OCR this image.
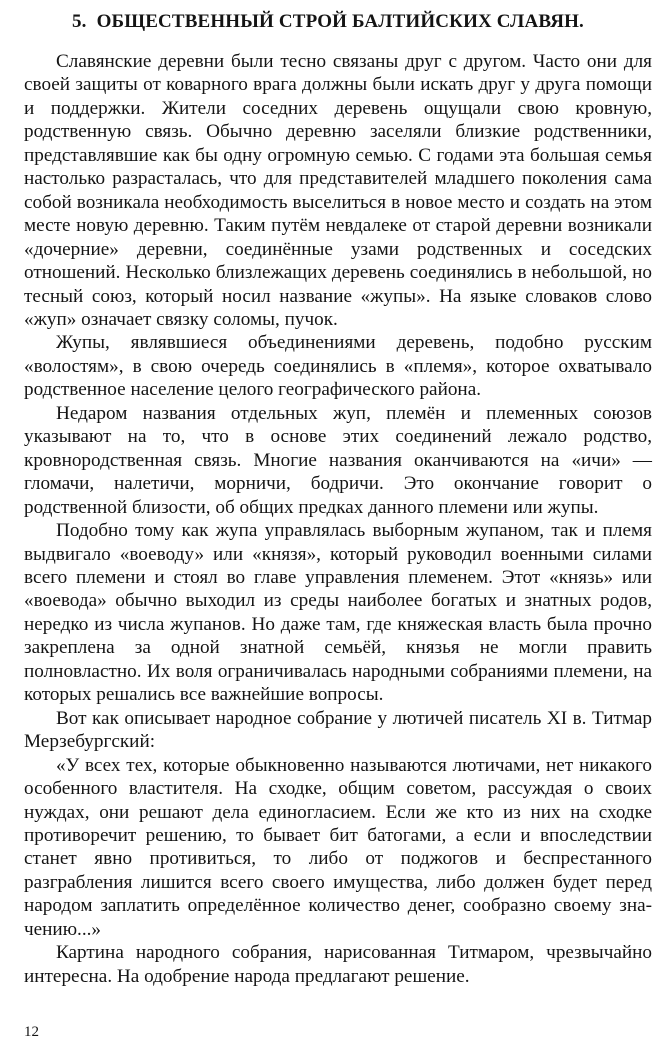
5. ОБЩЕСТВЕННЫЙ СТРОЙ БАЛТИЙСКИХ СЛАВЯН.

Славянские деревни были тесно связаны друг с другом. Часто они для своей защиты от коварного врага должны были искать друг у друга помощи и поддержки. Жители соседних деревень ощущали свою кровную, родственную связь. Обычно деревню заселяли близкие родственники, представлявшие как бы одну огромную семью. С годами эта большая семья настолько разрасталась, что для представителей младшего поколения сама собой возникала необходимость выселиться в новое место и создать на этом месте новую деревню. Таким путём невдалеке от старой деревни возникали «дочерние» деревни, соединённые узами родственных и соседских отношений. Несколько близлежащих деревень соединялись в небольшой, но тесный союз, который носил название «жупы». На языке словаков слово «жуп» означает связку соломы, пучок.

Жупы, являвшиеся объединениями деревень, подобно русским «волостям», в свою очередь соединялись в «племя», которое охватывало родственное население целого географического района.

Недаром названия отдельных жуп, племён и племенных союзов указывают на то, что в основе этих соединений лежало родство, кровнородственная связь. Многие названия оканчиваются на «ичи» — гломачи, налетичи, морничи, бодричи. Это окончание говорит о родственной близости, об общих предках данного племени или жупы.

Подобно тому как жупа управлялась выборным жупаном, так и племя выдвигало «воеводу» или «князя», который руководил военными силами всего племени и стоял во главе управления племенем. Этот «князь» или «воевода» обычно выходил из среды наиболее богатых и знатных родов, нередко из числа жупанов. Но даже там, где княжеская власть была прочно закреплена за одной знатной семьёй, князья не могли править полновластно. Их воля ограничивалась народными собраниями племени, на которых решались все важнейшие вопросы.

Вот как описывает народное собрание у лютичей писатель XI в. Титмар Мерзебургский:

«У всех тех, которые обыкновенно называются лютичами, нет никакого особенного властителя. На сходке, общим советом, рассуждая о своих нуждах, они решают дела единогласием. Если же кто из них на сходке противоречит решению, то бывает бит батогами, а если и впоследствии станет явно противиться, то либо от поджогов и беспрестанного разграбления лишится всего своего имущества, либо должен будет перед народом заплатить определённое количество денег, сообразно своему значению...»

Картина народного собрания, нарисованная Титмаром, чрезвычайно интересна. На одобрение народа предлагают решение.

12
